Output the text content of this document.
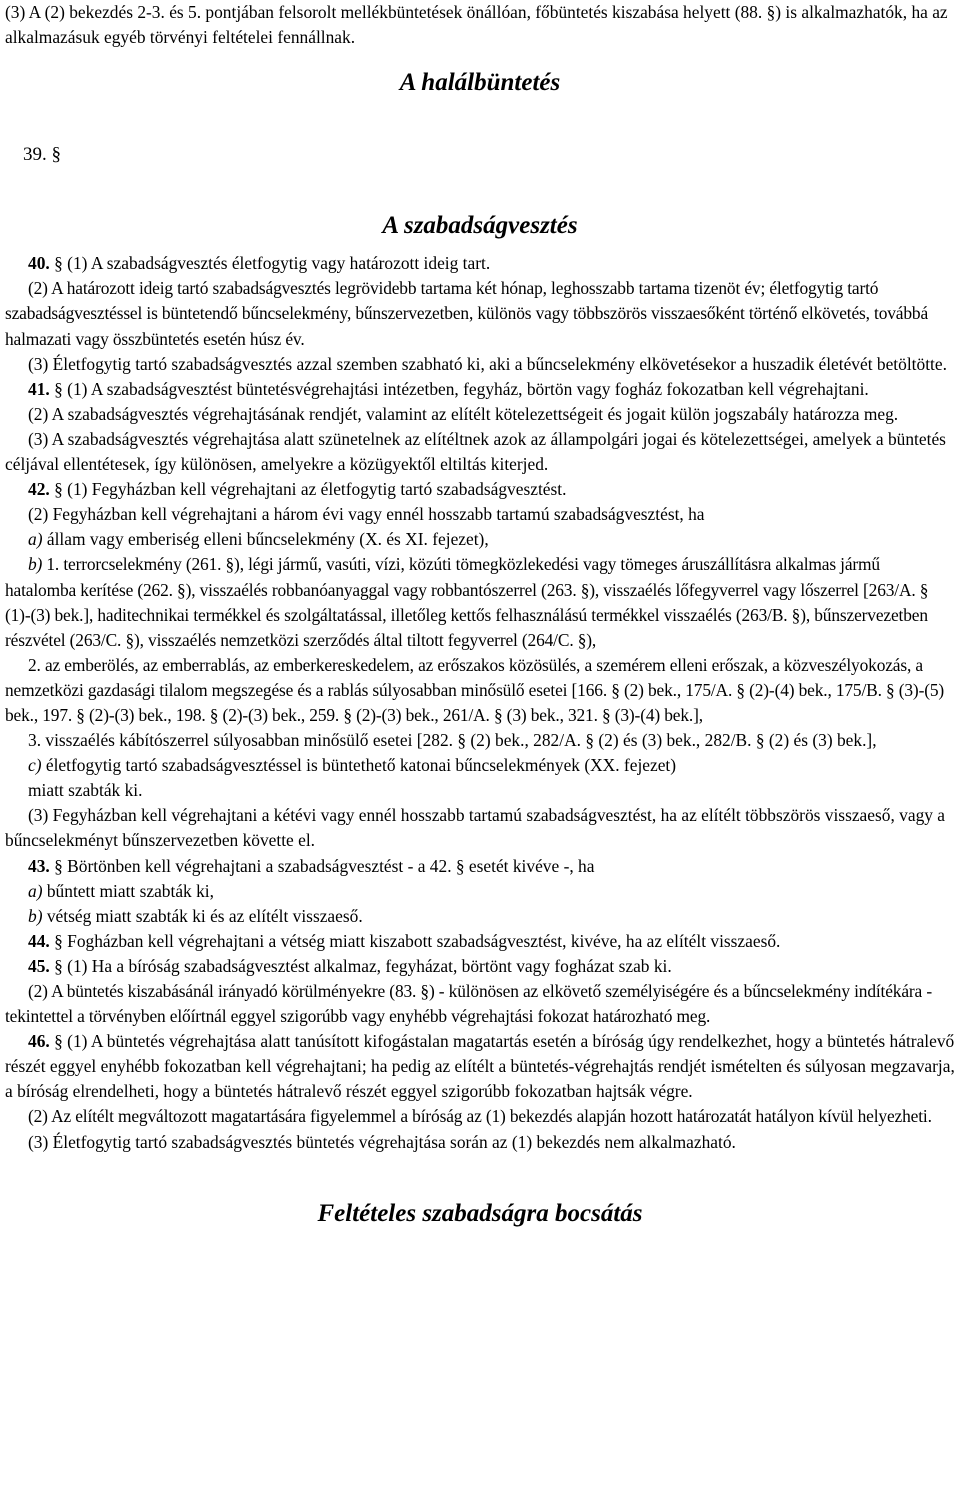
(3) A (2) bekezdés 2-3. és 5. pontjában felsorolt mellékbüntetések önállóan, főbüntetés kiszabása helyett (88. §) is alkalmazhatók, ha az alkalmazásuk egyéb törvényi feltételei fennállnak.

A halálbüntetés

39. §

A szabadságvesztés

40. § (1) A szabadságvesztés életfogytig vagy határozott ideig tart.

(2) A határozott ideig tartó szabadságvesztés legrövidebb tartama két hónap, leghosszabb tartama tizenöt év; életfogytig tartó szabadságvesztéssel is büntetendő bűncselekmény, bűnszervezetben, különös vagy többszörös visszaesőként történő elkövetés, továbbá halmazati vagy összbüntetés esetén húsz év.

(3) Életfogytig tartó szabadságvesztés azzal szemben szabható ki, aki a bűncselekmény elkövetésekor a huszadik életévét betöltötte.

41. § (1) A szabadságvesztést büntetésvégrehajtási intézetben, fegyház, börtön vagy fogház fokozatban kell végrehajtani.

(2) A szabadságvesztés végrehajtásának rendjét, valamint az elítélt kötelezettségeit és jogait külön jogszabály határozza meg.

(3) A szabadságvesztés végrehajtása alatt szünetelnek az elítéltnek azok az állampolgári jogai és kötelezettségei, amelyek a büntetés céljával ellentétesek, így különösen, amelyekre a közügyektől eltiltás kiterjed.

42. § (1) Fegyházban kell végrehajtani az életfogytig tartó szabadságvesztést.

(2) Fegyházban kell végrehajtani a három évi vagy ennél hosszabb tartamú szabadságvesztést, ha

a) állam vagy emberiség elleni bűncselekmény (X. és XI. fejezet),

b) 1. terrorcselekmény (261. §), légi jármű, vasúti, vízi, közúti tömegközlekedési vagy tömeges áruszállításra alkalmas jármű hatalomba kerítése (262. §), visszaélés robbanóanyaggal vagy robbantószerrel (263. §), visszaélés lőfegyverrel vagy lőszerrel [263/A. § (1)-(3) bek.], haditechnikai termékkel és szolgáltatással, illetőleg kettős felhasználású termékkel visszaélés (263/B. §), bűnszervezetben részvétel (263/C. §), visszaélés nemzetközi szerződés által tiltott fegyverrel (264/C. §),

2. az emberölés, az emberrablás, az emberkereskedelem, az erőszakos közösülés, a szemérem elleni erőszak, a közveszélyokozás, a nemzetközi gazdasági tilalom megszegése és a rablás súlyosabban minősülő esetei [166. § (2) bek., 175/A. § (2)-(4) bek., 175/B. § (3)-(5) bek., 197. § (2)-(3) bek., 198. § (2)-(3) bek., 259. § (2)-(3) bek., 261/A. § (3) bek., 321. § (3)-(4) bek.],

3. visszaélés kábítószerrel súlyosabban minősülő esetei [282. § (2) bek., 282/A. § (2) és (3) bek., 282/B. § (2) és (3) bek.],

c) életfogytig tartó szabadságvesztéssel is büntethető katonai bűncselekmények (XX. fejezet)

miatt szabták ki.

(3) Fegyházban kell végrehajtani a kétévi vagy ennél hosszabb tartamú szabadságvesztést, ha az elítélt többszörös visszaeső, vagy a bűncselekményt bűnszervezetben követte el.

43. § Börtönben kell végrehajtani a szabadságvesztést - a 42. § esetét kivéve -, ha

a) bűntett miatt szabták ki,

b) vétség miatt szabták ki és az elítélt visszaeső.

44. § Fogházban kell végrehajtani a vétség miatt kiszabott szabadságvesztést, kivéve, ha az elítélt visszaeső.

45. § (1) Ha a bíróság szabadságvesztést alkalmaz, fegyházat, börtönt vagy fogházat szab ki.

(2) A büntetés kiszabásánál irányadó körülményekre (83. §) - különösen az elkövető személyiségére és a bűncselekmény indítékára - tekintettel a törvényben előírtnál eggyel szigorúbb vagy enyhébb végrehajtási fokozat határozható meg.

46. § (1) A büntetés végrehajtása alatt tanúsított kifogástalan magatartás esetén a bíróság úgy rendelkezhet, hogy a büntetés hátralevő részét eggyel enyhébb fokozatban kell végrehajtani; ha pedig az elítélt a büntetés-végrehajtás rendjét ismételten és súlyosan megzavarja, a bíróság elrendelheti, hogy a büntetés hátralevő részét eggyel szigorúbb fokozatban hajtsák végre.

(2) Az elítélt megváltozott magatartására figyelemmel a bíróság az (1) bekezdés alapján hozott határozatát hatályon kívül helyezheti.

(3) Életfogytig tartó szabadságvesztés büntetés végrehajtása során az (1) bekezdés nem alkalmazható.

Feltételes szabadságra bocsátás
